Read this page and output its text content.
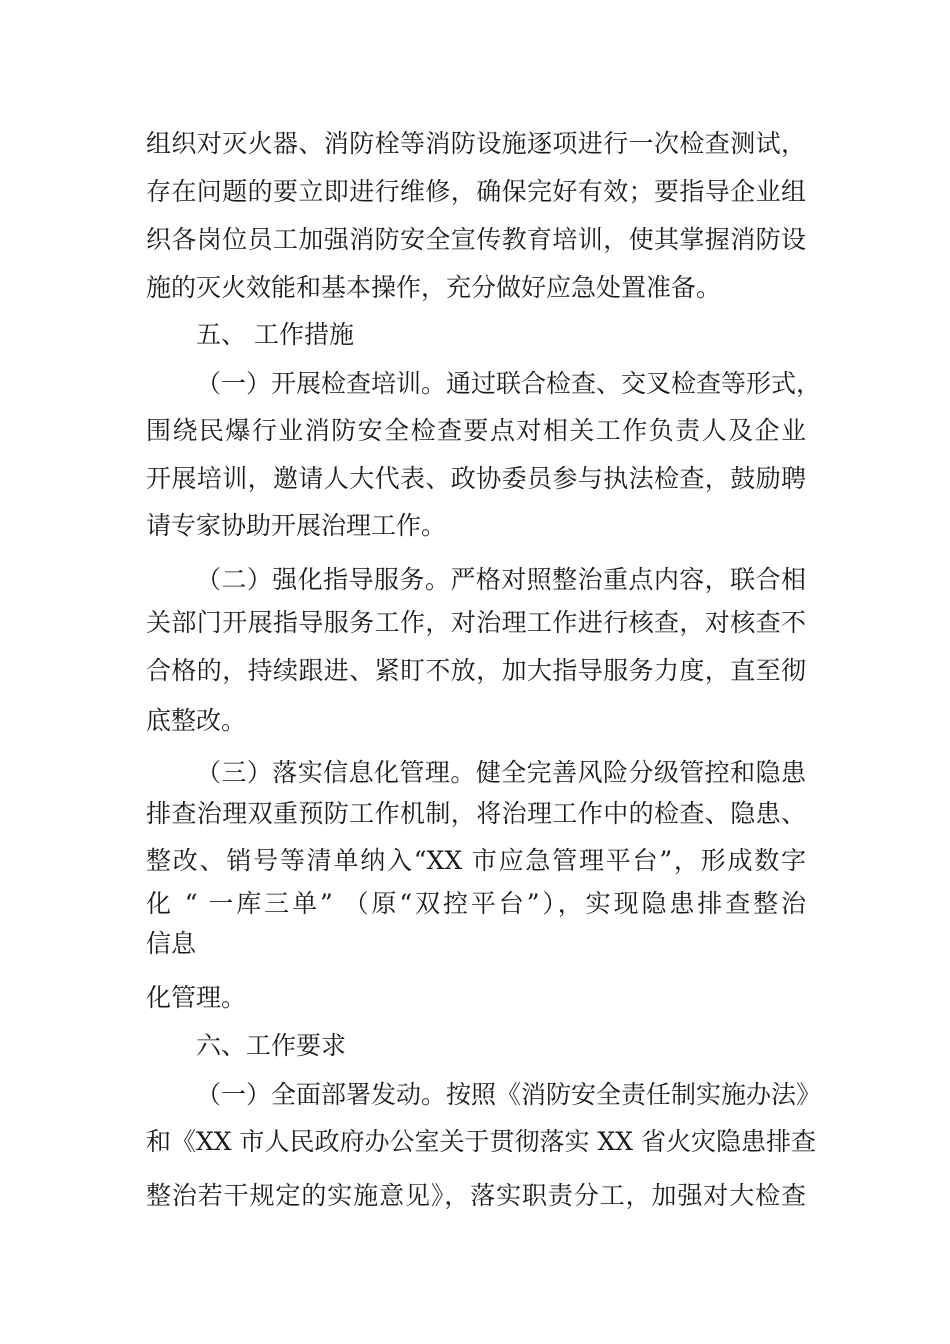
组织对灭火器、消防栓等消防设施逐项进行一次检查测试，
存在问题的要立即进行维修，确保完好有效；要指导企业组
织各岗位员工加强消防安全宣传教育培训，使其掌握消防设
施的灭火效能和基本操作，充分做好应急处置准备。
五、 工作措施
（一）开展检查培训。通过联合检查、交叉检查等形式，
围绕民爆行业消防安全检查要点对相关工作负责人及企业
开展培训，邀请人大代表、政协委员参与执法检查，鼓励聘
请专家协助开展治理工作。
（二）强化指导服务。严格对照整治重点内容，联合相
关部门开展指导服务工作，对治理工作进行核查，对核查不
合格的，持续跟进、紧盯不放，加大指导服务力度，直至彻
底整改。
（三）落实信息化管理。健全完善风险分级管控和隐患
排查治理双重预防工作机制，将治理工作中的检查、隐患、
整改、销号等清单纳入“XX 市应急管理平台”，形成数字
化 “ 一库三单” （原“双控平台”），实现隐患排查整治
信息
化管理。
六、工作要求
（一）全面部署发动。按照《消防安全责任制实施办法》
和《XX 市人民政府办公室关于贯彻落实 XX 省火灾隐患排查
整治若干规定的实施意见》，落实职责分工，加强对大检查
